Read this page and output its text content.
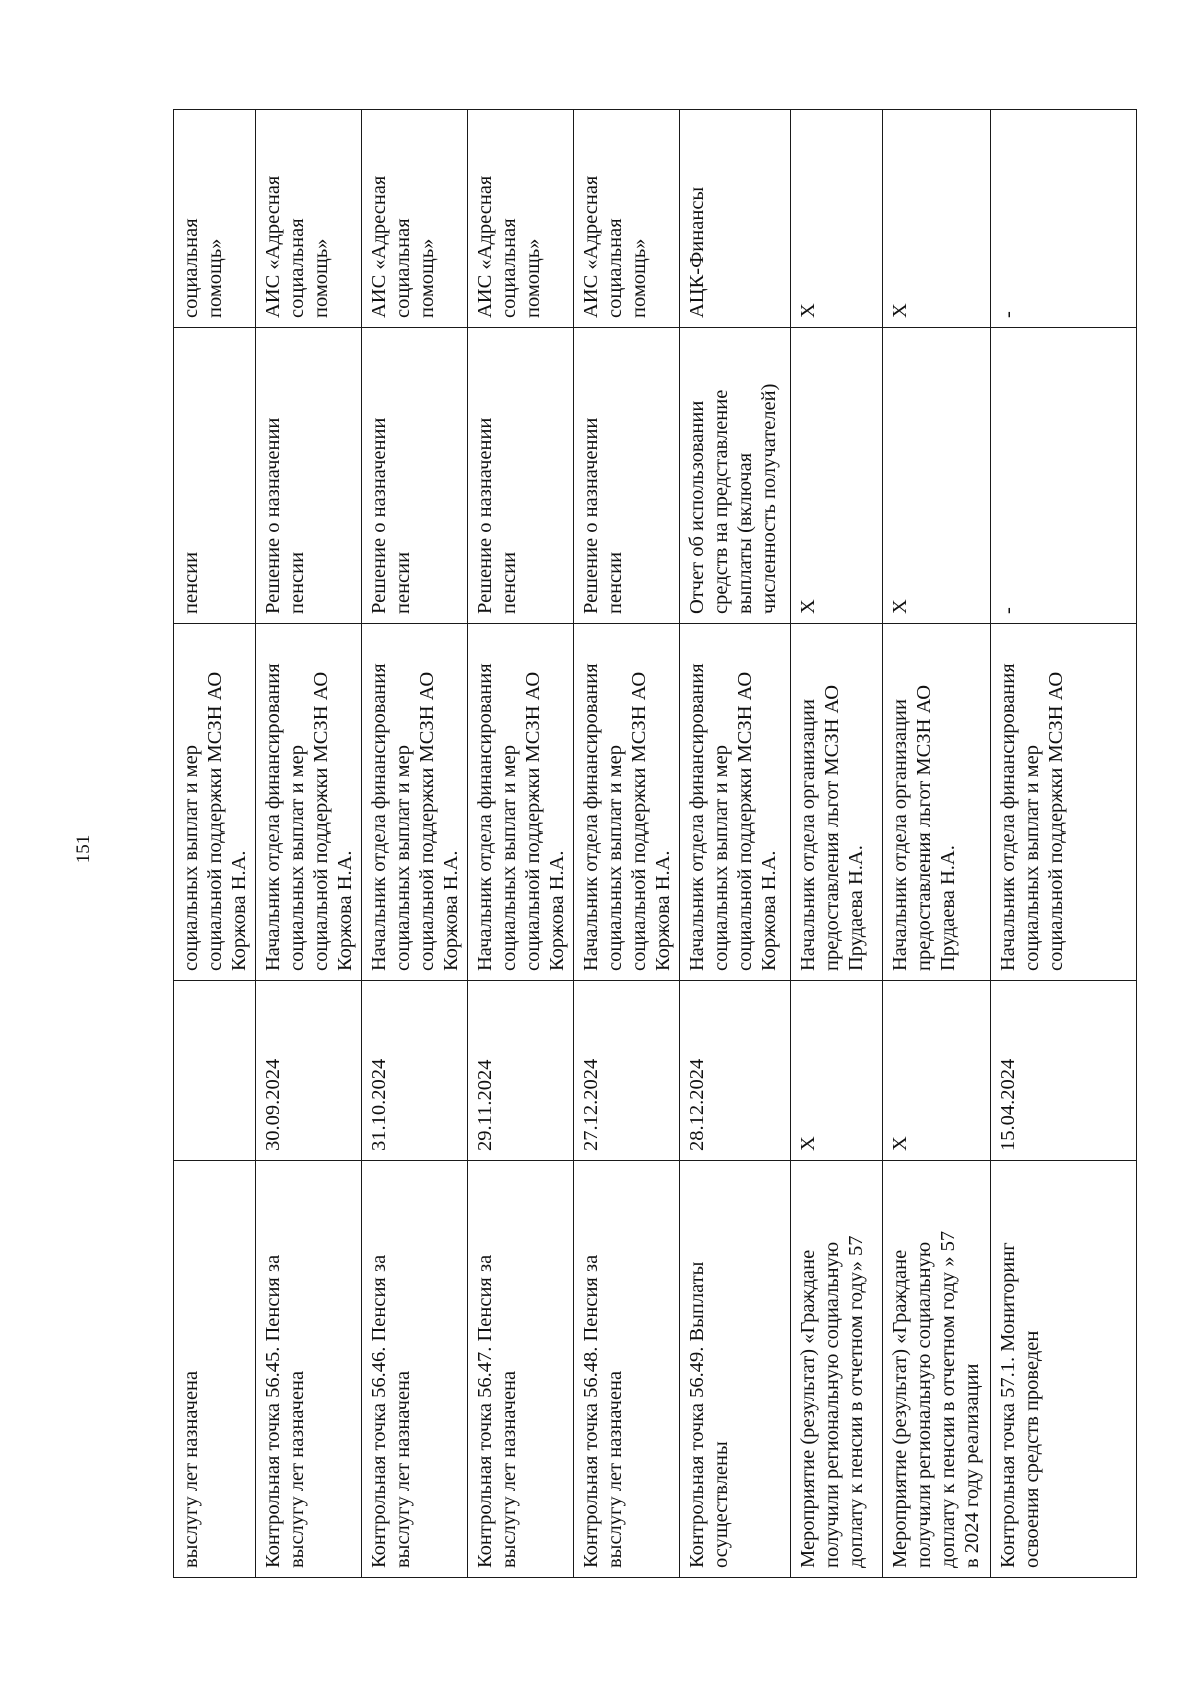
151
выслугу лет назначена		социальных выплат и мер
социальной поддержки МСЗН АО
Коржова Н.А.	пенсии	социальная
помощь»
Контрольная точка 56.45. Пенсия за
выслугу лет назначена	30.09.2024	Начальник отдела финансирования
социальных выплат и мер
социальной поддержки МСЗН АО
Коржова Н.А.	Решение о назначении
пенсии	АИС «Адресная
социальная
помощь»
Контрольная точка 56.46. Пенсия за
выслугу лет назначена	31.10.2024	Начальник отдела финансирования
социальных выплат и мер
социальной поддержки МСЗН АО
Коржова Н.А.	Решение о назначении
пенсии	АИС «Адресная
социальная
помощь»
Контрольная точка 56.47. Пенсия за
выслугу лет назначена	29.11.2024	Начальник отдела финансирования
социальных выплат и мер
социальной поддержки МСЗН АО
Коржова Н.А.	Решение о назначении
пенсии	АИС «Адресная
социальная
помощь»
Контрольная точка 56.48. Пенсия за
выслугу лет назначена	27.12.2024	Начальник отдела финансирования
социальных выплат и мер
социальной поддержки МСЗН АО
Коржова Н.А.	Решение о назначении
пенсии	АИС «Адресная
социальная
помощь»
Контрольная точка 56.49. Выплаты
осуществлены	28.12.2024	Начальник отдела финансирования
социальных выплат и мер
социальной поддержки МСЗН АО
Коржова Н.А.	Отчет об использовании
средств на представление
выплаты (включая
численность получателей)	АЦК-Финансы
Мероприятие (результат) «Граждане
получили региональную социальную
доплату к пенсии в отчетном году» 57	X	Начальник отдела организации
предоставления льгот МСЗН АО
Прудаева Н.А.	X	X
Мероприятие (результат) «Граждане
получили региональную социальную
доплату к пенсии в отчетном году » 57
в 2024 году реализации	X	Начальник отдела организации
предоставления льгот МСЗН АО
Прудаева Н.А.	X	X
Контрольная точка 57.1. Мониторинг
освоения средств проведен	15.04.2024	Начальник отдела финансирования
социальных выплат и мер
социальной поддержки МСЗН АО	-	-
